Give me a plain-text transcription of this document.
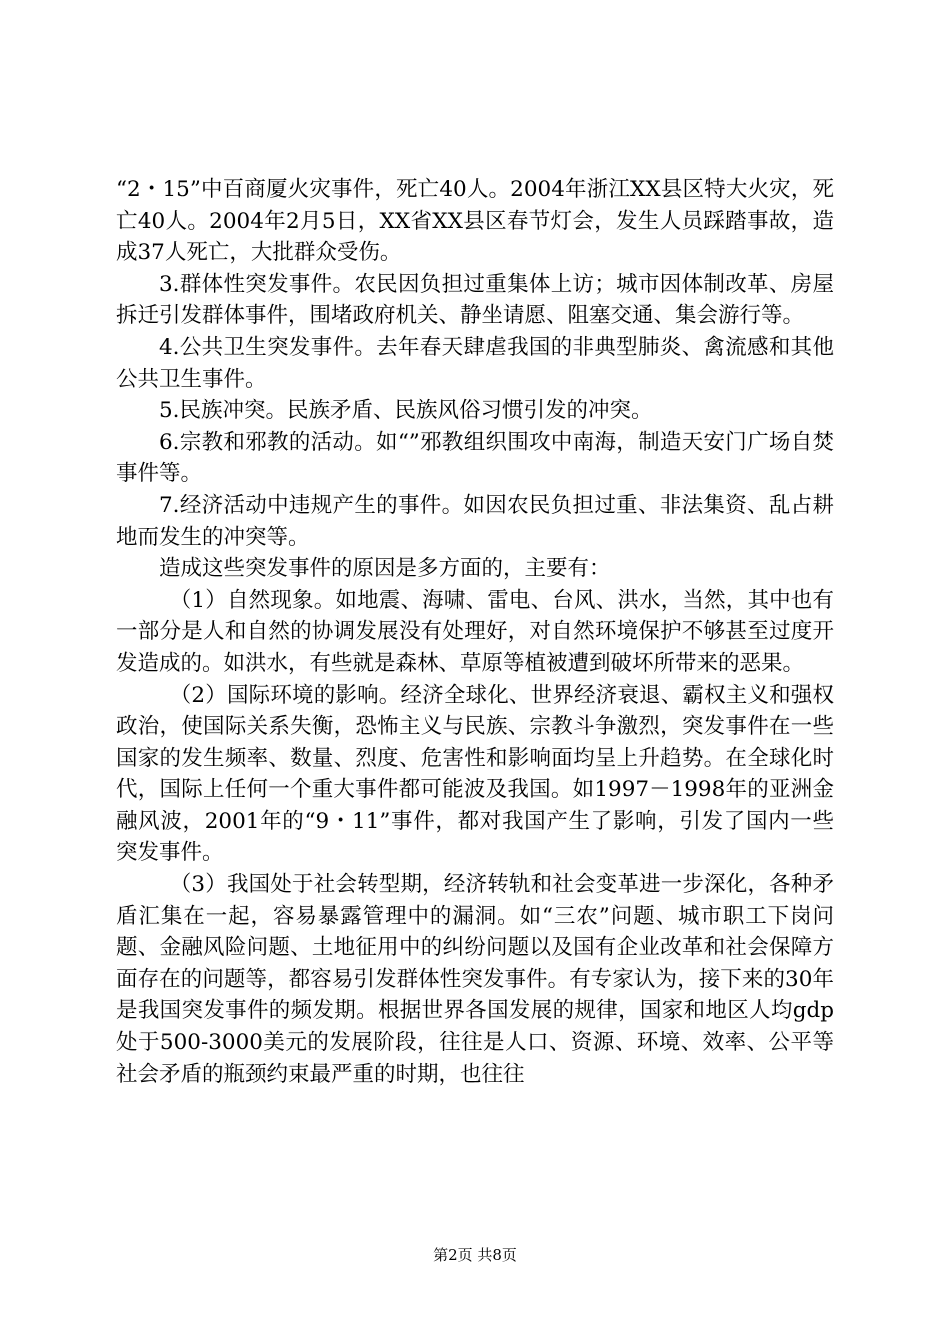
“2・15”中百商厦火灾事件，死亡40人。2004年浙江XX县区特大火灾，死亡40人。2004年2月5日，XX省XX县区春节灯会，发生人员踩踏事故，造成37人死亡，大批群众受伤。

3.群体性突发事件。农民因负担过重集体上访；城市因体制改革、房屋拆迁引发群体事件，围堵政府机关、静坐请愿、阻塞交通、集会游行等。

4.公共卫生突发事件。去年春天肆虐我国的非典型肺炎、禽流感和其他公共卫生事件。

5.民族冲突。民族矛盾、民族风俗习惯引发的冲突。

6.宗教和邪教的活动。如“”邪教组织围攻中南海，制造天安门广场自焚事件等。

7.经济活动中违规产生的事件。如因农民负担过重、非法集资、乱占耕地而发生的冲突等。

造成这些突发事件的原因是多方面的，主要有：

（1）自然现象。如地震、海啸、雷电、台风、洪水，当然，其中也有一部分是人和自然的协调发展没有处理好，对自然环境保护不够甚至过度开发造成的。如洪水，有些就是森林、草原等植被遭到破坏所带来的恶果。

（2）国际环境的影响。经济全球化、世界经济衰退、霸权主义和强权政治，使国际关系失衡，恐怖主义与民族、宗教斗争激烈，突发事件在一些国家的发生频率、数量、烈度、危害性和影响面均呈上升趋势。在全球化时代，国际上任何一个重大事件都可能波及我国。如1997－1998年的亚洲金融风波，2001年的“9・11”事件，都对我国产生了影响，引发了国内一些突发事件。

（3）我国处于社会转型期，经济转轨和社会变革进一步深化，各种矛盾汇集在一起，容易暴露管理中的漏洞。如“三农”问题、城市职工下岗问题、金融风险问题、土地征用中的纠纷问题以及国有企业改革和社会保障方面存在的问题等，都容易引发群体性突发事件。有专家认为，接下来的30年是我国突发事件的频发期。根据世界各国发展的规律，国家和地区人均gdp处于500-3000美元的发展阶段，往往是人口、资源、环境、效率、公平等社会矛盾的瓶颈约束最严重的时期，也往往

第2页 共8页
